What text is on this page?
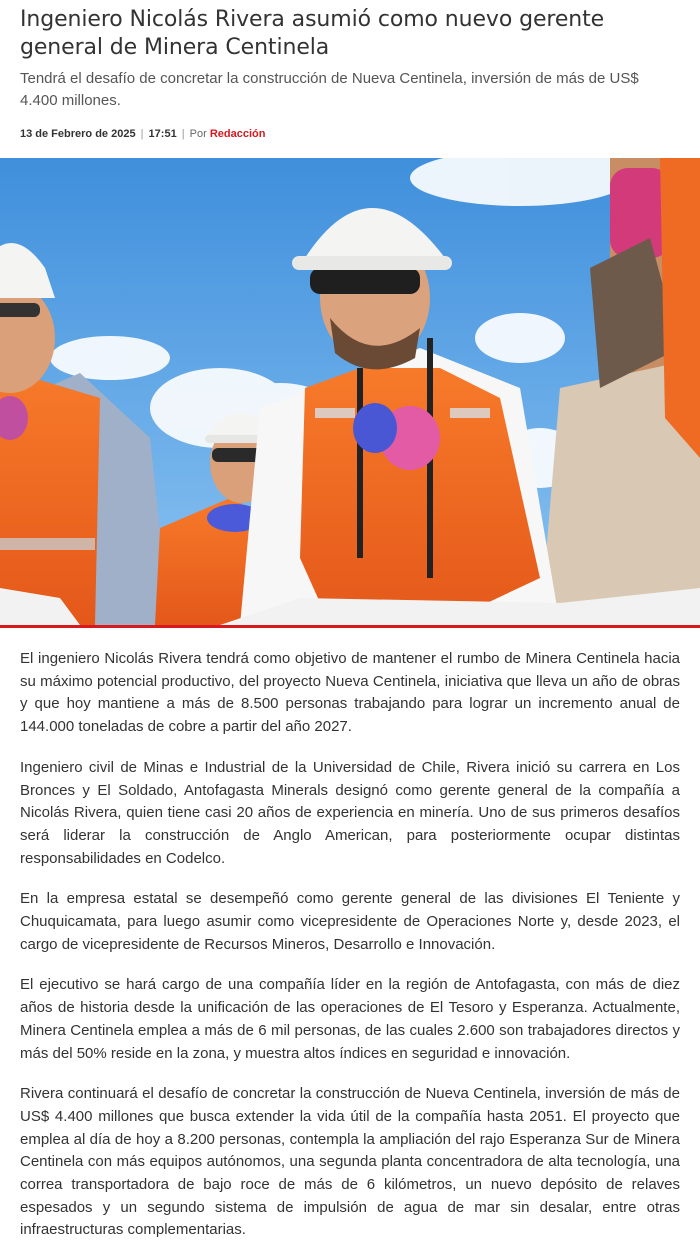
Ingeniero Nicolás Rivera asumió como nuevo gerente general de Minera Centinela

Tendrá el desafío de concretar la construcción de Nueva Centinela, inversión de más de US$ 4.400 millones.

13 de Febrero de 2025 | 17:51 | Por Redacción

El ingeniero Nicolás Rivera tendrá como objetivo de mantener el rumbo de Minera Centinela hacia su máximo potencial productivo, del proyecto Nueva Centinela, iniciativa que lleva un año de obras y que hoy mantiene a más de 8.500 personas trabajando para lograr un incremento anual de 144.000 toneladas de cobre a partir del año 2027.

Ingeniero civil de Minas e Industrial de la Universidad de Chile, Rivera inició su carrera en Los Bronces y El Soldado, Antofagasta Minerals designó como gerente general de la compañía a Nicolás Rivera, quien tiene casi 20 años de experiencia en minería. Uno de sus primeros desafíos será liderar la construcción de Anglo American, para posteriormente ocupar distintas responsabilidades en Codelco.

En la empresa estatal se desempeñó como gerente general de las divisiones El Teniente y Chuquicamata, para luego asumir como vicepresidente de Operaciones Norte y, desde 2023, el cargo de vicepresidente de Recursos Mineros, Desarrollo e Innovación.

El ejecutivo se hará cargo de una compañía líder en la región de Antofagasta, con más de diez años de historia desde la unificación de las operaciones de El Tesoro y Esperanza. Actualmente, Minera Centinela emplea a más de 6 mil personas, de las cuales 2.600 son trabajadores directos y más del 50% reside en la zona, y muestra altos índices en seguridad e innovación.

Rivera continuará el desafío de concretar la construcción de Nueva Centinela, inversión de más de US$ 4.400 millones que busca extender la vida útil de la compañía hasta 2051. El proyecto que emplea al día de hoy a 8.200 personas, contempla la ampliación del rajo Esperanza Sur de Minera Centinela con más equipos autónomos, una segunda planta concentradora de alta tecnología, una correa transportadora de bajo roce de más de 6 kilómetros, un nuevo depósito de relaves espesados y un segundo sistema de impulsión de agua de mar sin desalar, entre otras infraestructuras complementarias.
